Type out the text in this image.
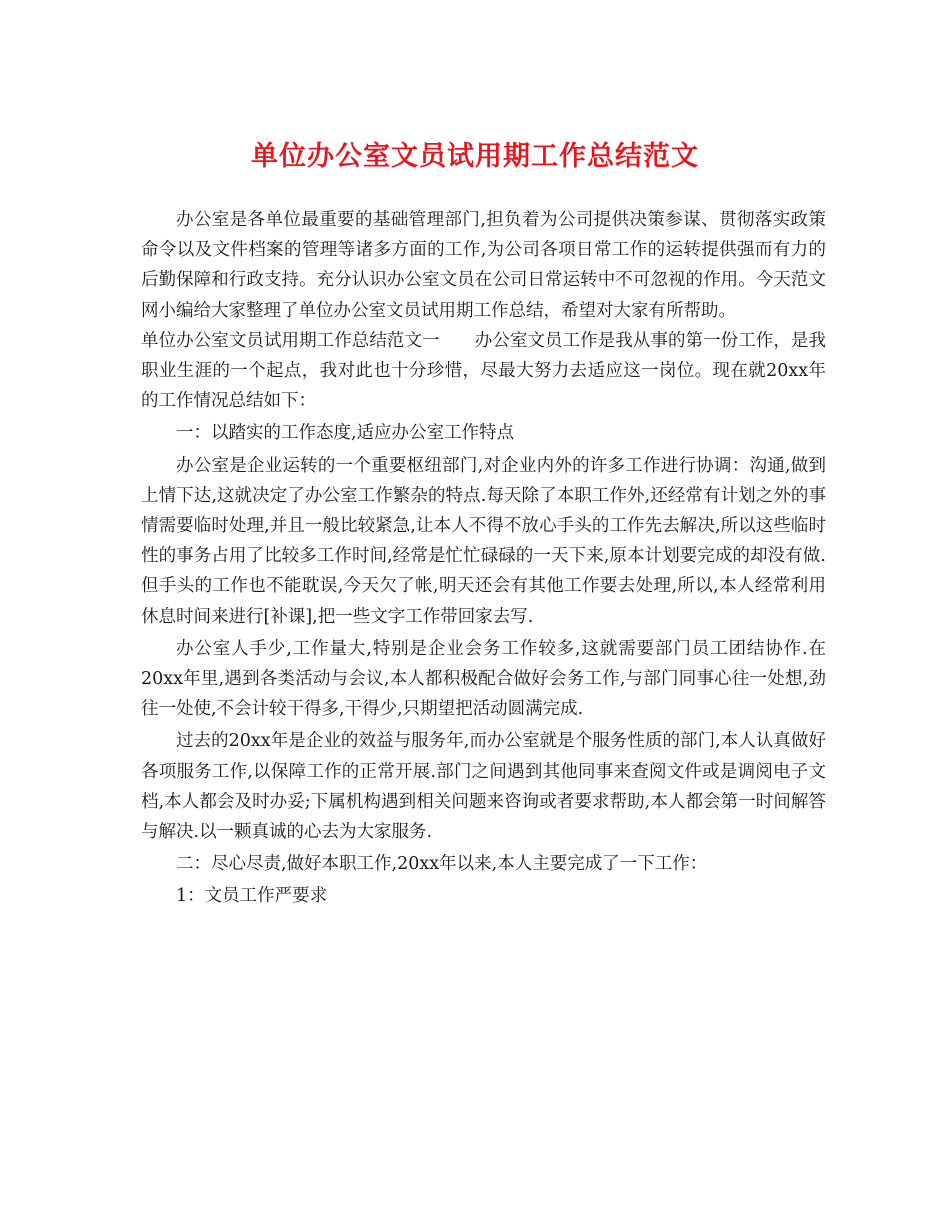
单位办公室文员试用期工作总结范文

办公室是各单位最重要的基础管理部门,担负着为公司提供决策参谋、贯彻落实政策命令以及文件档案的管理等诸多方面的工作,为公司各项日常工作的运转提供强而有力的后勤保障和行政支持。充分认识办公室文员在公司日常运转中不可忽视的作用。今天范文网小编给大家整理了单位办公室文员试用期工作总结，希望对大家有所帮助。

单位办公室文员试用期工作总结范文一　　办公室文员工作是我从事的第一份工作，是我职业生涯的一个起点，我对此也十分珍惜，尽最大努力去适应这一岗位。现在就20xx年的工作情况总结如下：

一：以踏实的工作态度,适应办公室工作特点

办公室是企业运转的一个重要枢纽部门,对企业内外的许多工作进行协调：沟通,做到上情下达,这就决定了办公室工作繁杂的特点.每天除了本职工作外,还经常有计划之外的事情需要临时处理,并且一般比较紧急,让本人不得不放心手头的工作先去解决,所以这些临时性的事务占用了比较多工作时间,经常是忙忙碌碌的一天下来,原本计划要完成的却没有做.但手头的工作也不能耽误,今天欠了帐,明天还会有其他工作要去处理,所以,本人经常利用休息时间来进行[补课],把一些文字工作带回家去写.

办公室人手少,工作量大,特别是企业会务工作较多,这就需要部门员工团结协作.在20xx年里,遇到各类活动与会议,本人都积极配合做好会务工作,与部门同事心往一处想,劲往一处使,不会计较干得多,干得少,只期望把活动圆满完成.

过去的20xx年是企业的效益与服务年,而办公室就是个服务性质的部门,本人认真做好各项服务工作,以保障工作的正常开展.部门之间遇到其他同事来查阅文件或是调阅电子文档,本人都会及时办妥;下属机构遇到相关问题来咨询或者要求帮助,本人都会第一时间解答与解决.以一颗真诚的心去为大家服务.

二：尽心尽责,做好本职工作,20xx年以来,本人主要完成了一下工作：

1：文员工作严要求
